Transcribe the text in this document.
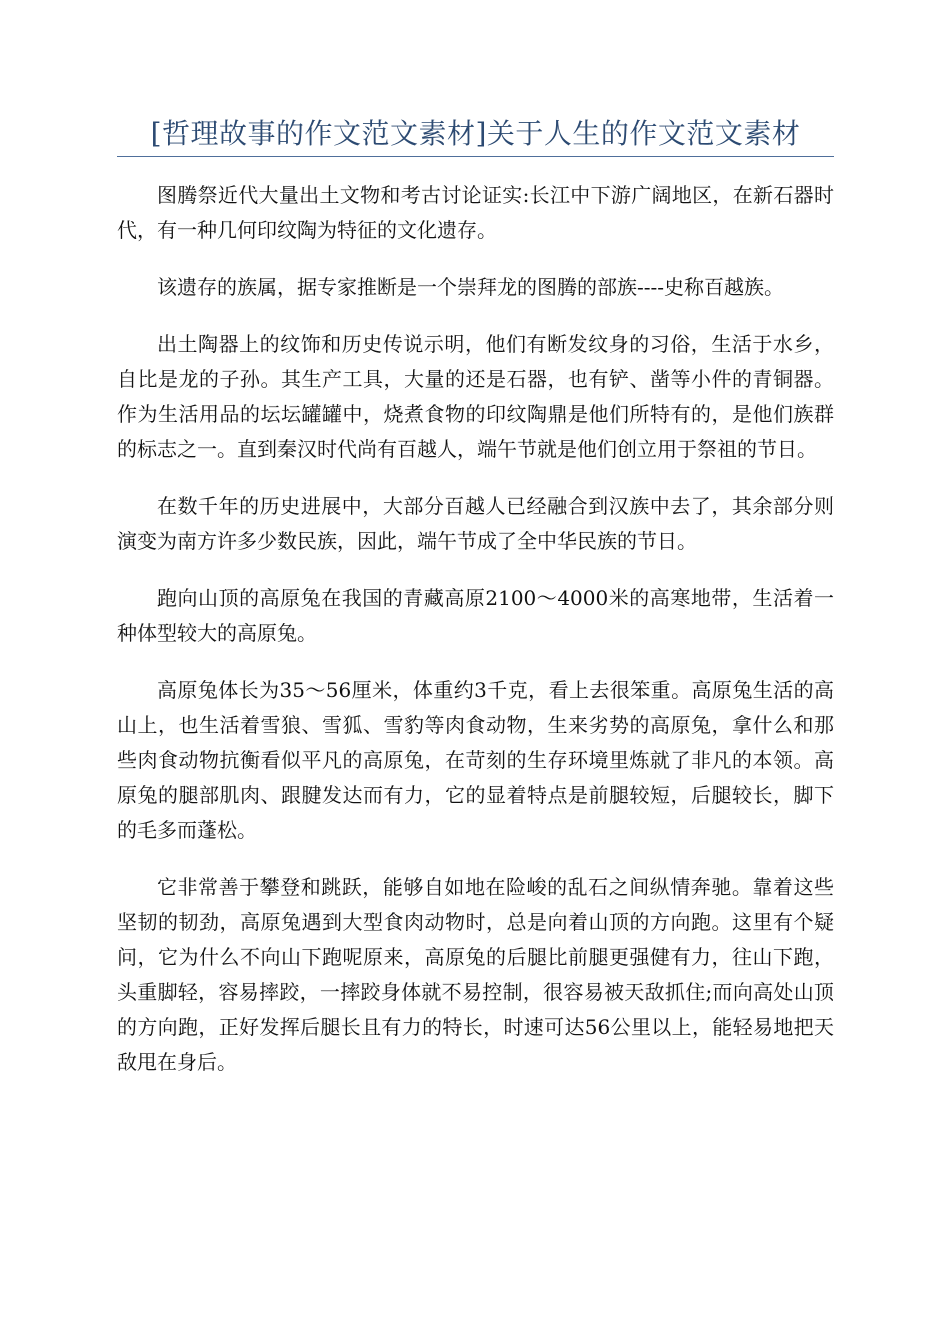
[哲理故事的作文范文素材]关于人生的作文范文素材

图腾祭近代大量出土文物和考古讨论证实:长江中下游广阔地区，在新石器时代，有一种几何印纹陶为特征的文化遗存。

该遗存的族属，据专家推断是一个崇拜龙的图腾的部族----史称百越族。

出土陶器上的纹饰和历史传说示明，他们有断发纹身的习俗，生活于水乡，自比是龙的子孙。其生产工具，大量的还是石器，也有铲、凿等小件的青铜器。作为生活用品的坛坛罐罐中，烧煮食物的印纹陶鼎是他们所特有的，是他们族群的标志之一。直到秦汉时代尚有百越人，端午节就是他们创立用于祭祖的节日。

在数千年的历史进展中，大部分百越人已经融合到汉族中去了，其余部分则演变为南方许多少数民族，因此，端午节成了全中华民族的节日。

跑向山顶的高原兔在我国的青藏高原2100～4000米的高寒地带，生活着一种体型较大的高原兔。

高原兔体长为35～56厘米，体重约3千克，看上去很笨重。高原兔生活的高山上，也生活着雪狼、雪狐、雪豹等肉食动物，生来劣势的高原兔，拿什么和那些肉食动物抗衡看似平凡的高原兔，在苛刻的生存环境里炼就了非凡的本领。高原兔的腿部肌肉、跟腱发达而有力，它的显着特点是前腿较短，后腿较长，脚下的毛多而蓬松。

它非常善于攀登和跳跃，能够自如地在险峻的乱石之间纵情奔驰。靠着这些坚韧的韧劲，高原兔遇到大型食肉动物时，总是向着山顶的方向跑。这里有个疑问，它为什么不向山下跑呢原来，高原兔的后腿比前腿更强健有力，往山下跑，头重脚轻，容易摔跤，一摔跤身体就不易控制，很容易被天敌抓住;而向高处山顶的方向跑，正好发挥后腿长且有力的特长，时速可达56公里以上，能轻易地把天敌甩在身后。
